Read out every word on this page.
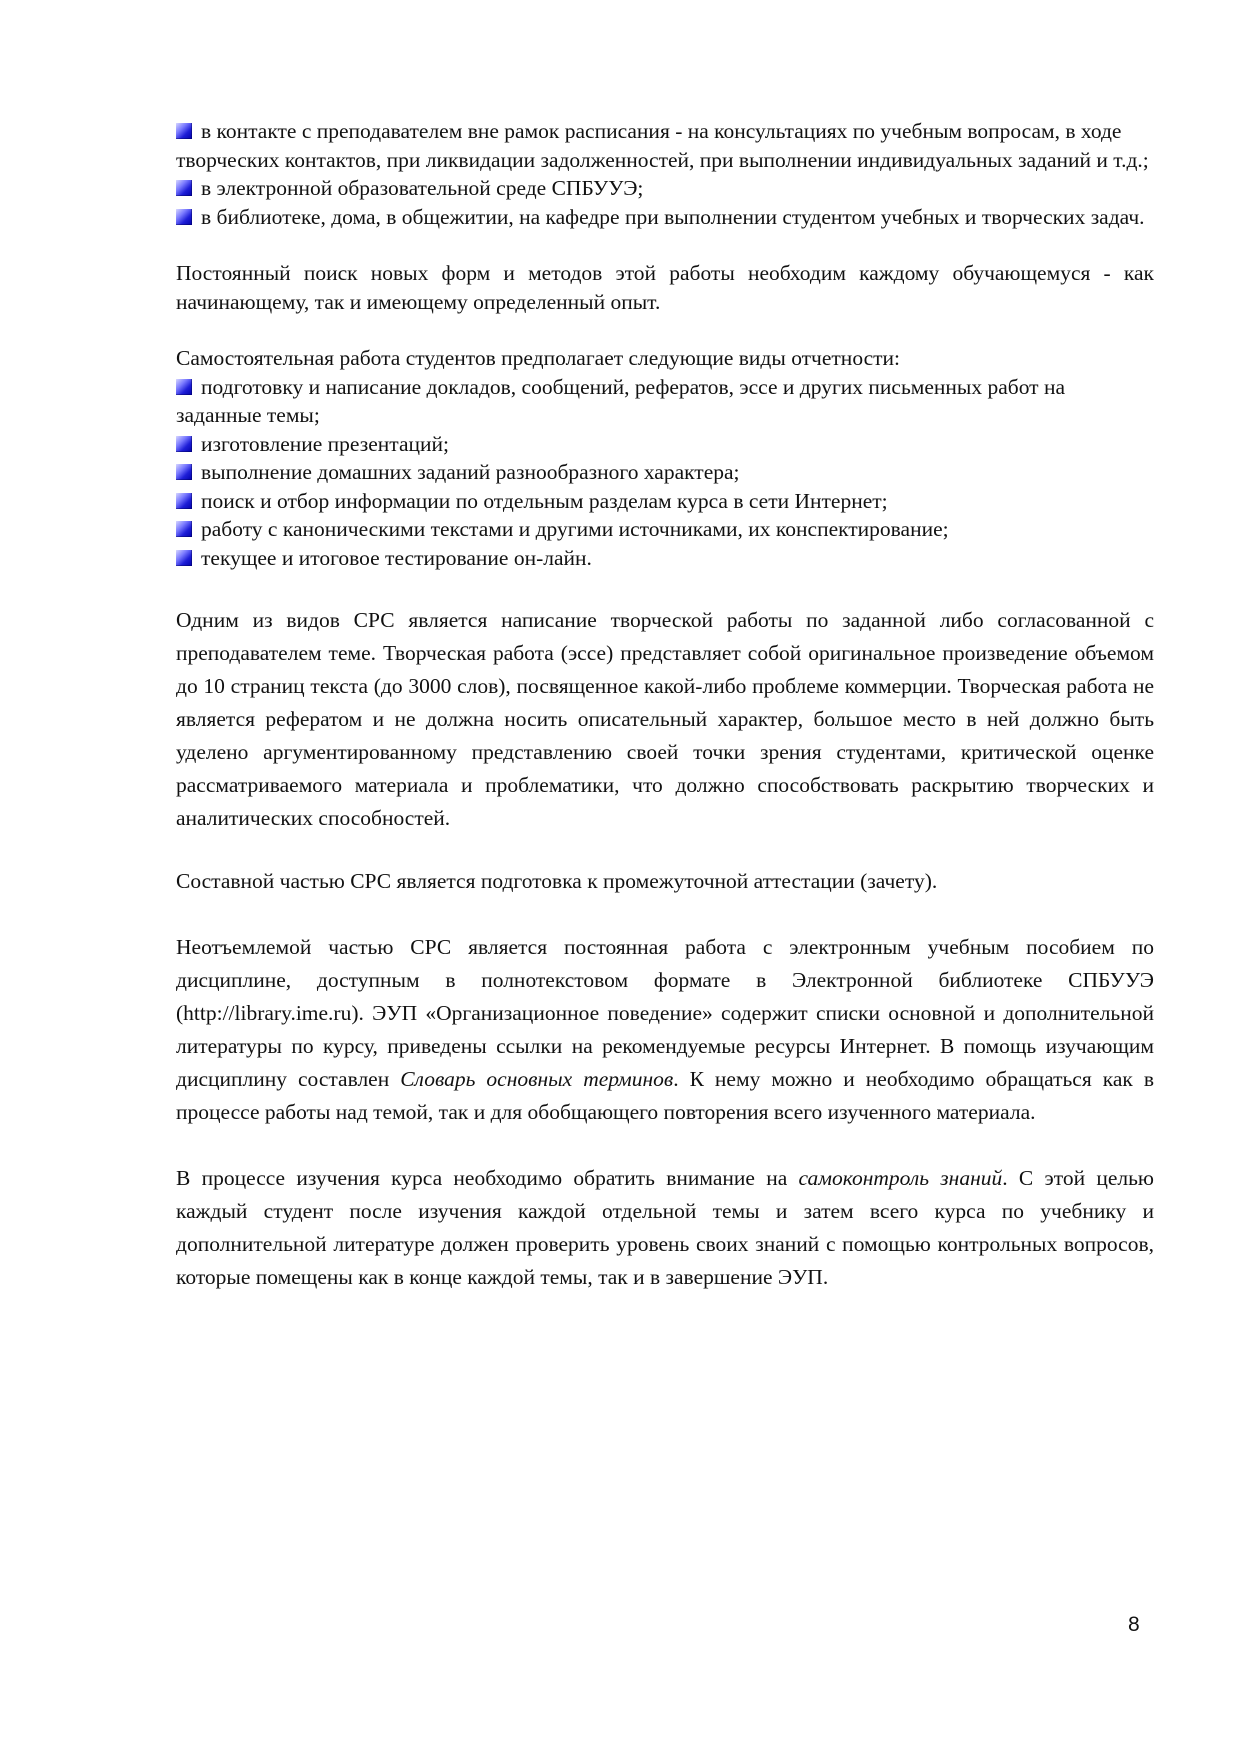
в контакте с преподавателем вне рамок расписания - на консультациях по учебным вопросам, в ходе творческих контактов, при ликвидации задолженностей, при выполнении индивидуальных заданий и т.д.;
в электронной образовательной среде СПБУУЭ;
в библиотеке, дома, в общежитии, на кафедре при выполнении студентом учебных и творческих задач.

Постоянный поиск новых форм и методов этой работы необходим каждому обучающемуся - как начинающему, так и имеющему определенный опыт.

Самостоятельная работа студентов предполагает следующие виды отчетности:
подготовку и написание докладов, сообщений, рефератов, эссе и других письменных работ на заданные темы;
изготовление презентаций;
выполнение домашних заданий разнообразного характера;
поиск и отбор информации по отдельным разделам курса в сети Интернет;
работу с каноническими текстами и другими источниками, их конспектирование;
текущее и итоговое тестирование он-лайн.

Одним из видов СРС является написание творческой работы по заданной либо согласованной с преподавателем теме. Творческая работа (эссе) представляет собой оригинальное произведение объемом до 10 страниц текста (до 3000 слов), посвященное какой-либо проблеме коммерции. Творческая работа не является рефератом и не должна носить описательный характер, большое место в ней должно быть уделено аргументированному представлению своей точки зрения студентами, критической оценке рассматриваемого материала и проблематики, что должно способствовать раскрытию творческих и аналитических способностей.

Составной частью СРС является подготовка к промежуточной аттестации (зачету).

Неотъемлемой частью СРС является постоянная работа с электронным учебным пособием по дисциплине, доступным в полнотекстовом формате в Электронной библиотеке СПБУУЭ (http://library.ime.ru). ЭУП «Организационное поведение» содержит списки основной и дополнительной литературы по курсу, приведены ссылки на рекомендуемые ресурсы Интернет. В помощь изучающим дисциплину составлен Словарь основных терминов. К нему можно и необходимо обращаться как в процессе работы над темой, так и для обобщающего повторения всего изученного материала.

В процессе изучения курса необходимо обратить внимание на самоконтроль знаний. С этой целью каждый студент после изучения каждой отдельной темы и затем всего курса по учебнику и дополнительной литературе должен проверить уровень своих знаний с помощью контрольных вопросов, которые помещены как в конце каждой темы, так и в завершение ЭУП.

8
